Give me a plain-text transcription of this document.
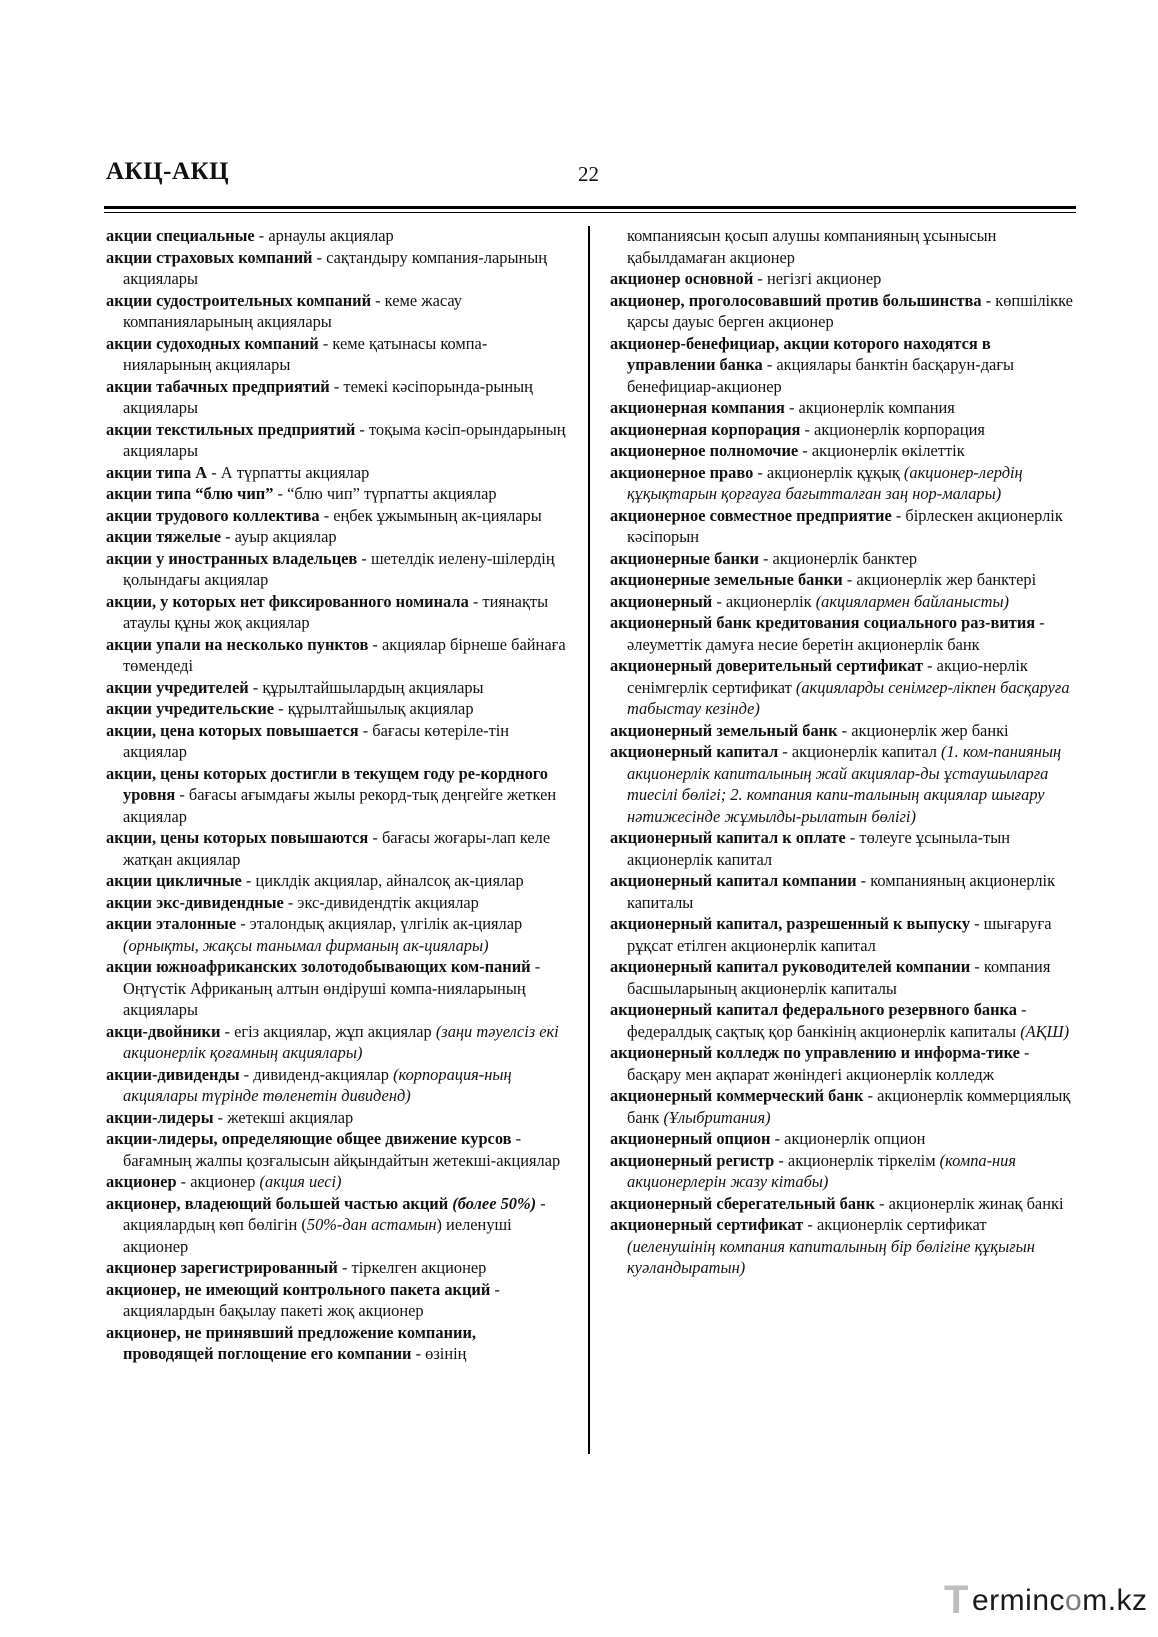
АКЦ-АКЦ	22

акции специальные - арнаулы акциялар

акции страховых компаний - сақтандыру компания-ларының акциялары

акции судостроительных компаний - кеме жасау компанияларының акциялары

акции судоходных компаний - кеме қатынасы компа-нияларының акциялары

акции табачных предприятий - темекі кәсіпорында-рының акциялары

акции текстильных предприятий - тоқыма кәсіп-орындарының акциялары

акции типа А - А түрпатты акциялар

акции типа “блю чип” - “блю чип” түрпатты акциялар

акции трудового коллектива - еңбек ұжымының ак-циялары

акции тяжелые - ауыр акциялар

акции у иностранных владельцев - шетелдік иелену-шілердің қолындағы акциялар

акции, у которых нет фиксированного номинала - тиянақты атаулы құны жоқ акциялар

акции упали на несколько пунктов - акциялар бірнеше байнаға төмендеді

акции учредителей - құрылтайшылардың акциялары

акции учредительские - құрылтайшылық акциялар

акции, цена которых повышается - бағасы көтеріле-тін акциялар

акции, цены которых достигли в текущем году ре-кордного уровня - бағасы ағымдағы жылы рекорд-тық деңгейге жеткен акциялар

акции, цены которых повышаются - бағасы жоғары-лап келе жатқан акциялар

акции цикличные - циклдік акциялар, айналсоқ ак-циялар

акции экс-дивидендные - экс-дивидендтік акциялар

акции эталонные - эталондық акциялар, үлгілік ак-циялар (орнықты, жақсы танымал фирманың ак-циялары)

акции южноафриканских золотодобывающих ком-паний - Оңтүстік Африканың алтын өндіруші компа-нияларының акциялары

акци-двойники - егіз акциялар, жұп акциялар (заңи тәуелсіз екі акционерлік қоғамның акциялары)

акции-дивиденды - дивиденд-акциялар (корпорация-ның акциялары түрінде төленетін дивиденд)

акции-лидеры - жетекші акциялар

акции-лидеры, определяющие общее движение курсов - бағамның жалпы қозғалысын айқындайтын жетекші-акциялар

акционер - акционер (акция иесі)

акционер, владеющий большей частью акций (более 50%) - акциялардың көп бөлігін (50%-дан астамын) иеленуші акционер

акционер зарегистрированный - тіркелген акционер

акционер, не имеющий контрольного пакета акций - акциялардын бақылау пакеті жоқ акционер

акционер, не принявший предложение компании, проводящей поглощение его компании - өзінің

компаниясын қосып алушы компанияның ұсынысын қабылдамаған акционер

акционер основной - негізгі акционер

акционер, проголосовавший против большинства - көпшілікке қарсы дауыс берген акционер

акционер-бенефициар, акции которого находятся в управлении банка - акциялары банктін басқарун-дағы бенефициар-акционер

акционерная компания - акционерлік компания

акционерная корпорация - акционерлік корпорация

акционерное полномочие - акционерлік өкілеттік

акционерное право - акционерлік құқық (акционер-лердің құқықтарын қорғауға бағытталған заң нор-малары)

акционерное совместное предприятие - бірлескен акционерлік кәсіпорын

акционерные банки - акционерлік банктер

акционерные земельные банки - акционерлік жер банктері

акционерный - акционерлік (акциялармен байланысты)

акционерный банк кредитования социального раз-вития - әлеуметтік дамуға несие беретін акционерлік банк

акционерный доверительный сертификат - акцио-нерлік сенімгерлік сертификат (акцияларды сенімгер-лікпен басқаруға табыстау кезінде)

акционерный земельный банк - акционерлік жер банкі

акционерный капитал - акционерлік капитал (1. ком-панияның акционерлік капиталының жай акциялар-ды ұстаушыларға тиесілі бөлігі; 2. компания капи-талының акциялар шығару нәтижесінде жұмылды-рылатын бөлігі)

акционерный капитал к оплате - төлеуге ұсынылa-тын акционерлік капитал

акционерный капитал компании - компанияның акционерлік капиталы

акционерный капитал, разрешенный к выпуску - шығаруға рұқсат етілген акционерлік капитал

акционерный капитал руководителей компании - компания басшыларының акционерлік капиталы

акционерный капитал федерального резервного банка - федералдық сақтық қор банкінің акционерлік капиталы (АҚШ)

акционерный колледж по управлению и информа-тике - басқару мен ақпарат жөніндегі акционерлік колледж

акционерный коммерческий банк - акционерлік коммерциялық банк (Ұлыбритания)

акционерный опцион - акционерлік опцион

акционерный регистр - акционерлік тіркелім (компа-ния акционерлерін жазу кітабы)

акционерный сберегательный банк - акционерлік жинақ банкі

акционерный сертификат - акционерлік сертификат (иеленушінің компания капиталының бір бөлігіне құқығын куәландыратын)

T ermincom.kz
